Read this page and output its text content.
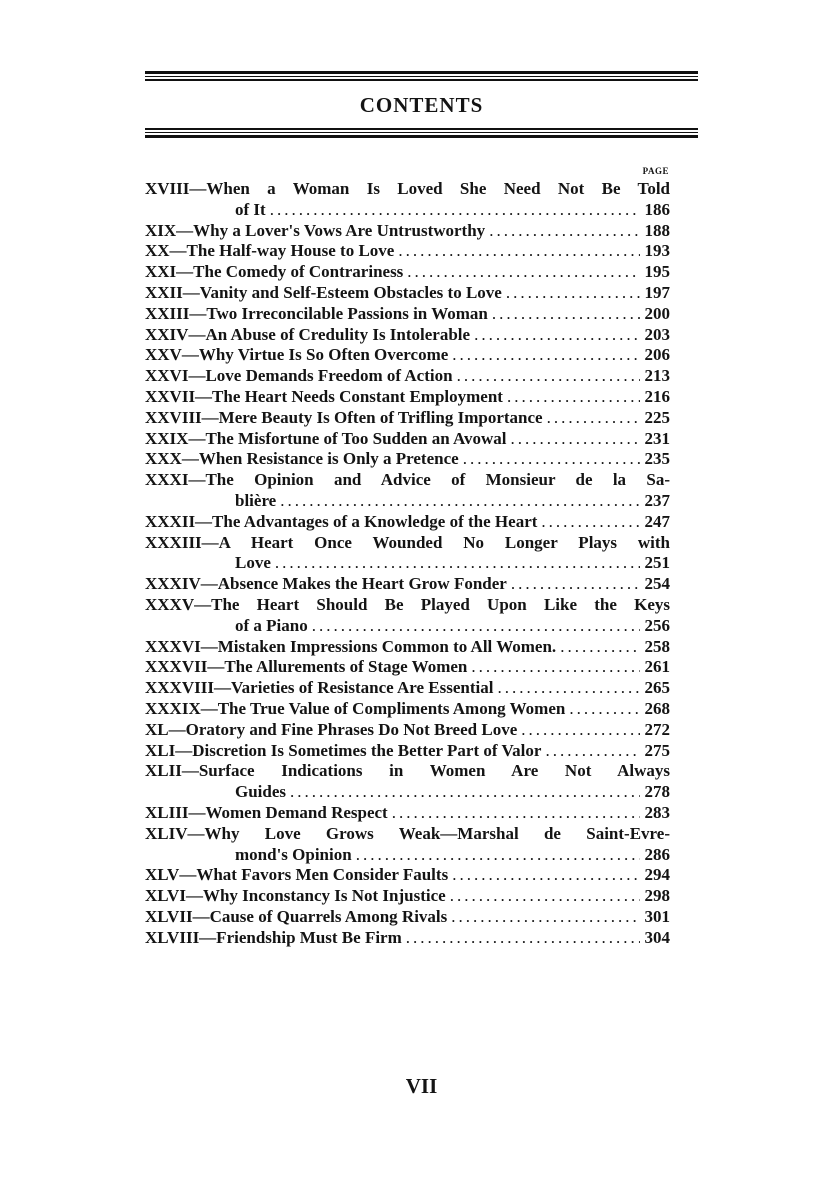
CONTENTS
PAGE
XVIII—When a Woman Is Loved She Need Not Be Told
of It .....	186
XIX—Why a Lover's Vows Are Untrustworthy .....	188
XX—The Half-way House to Love .....	193
XXI—The Comedy of Contrariness .....	195
XXII—Vanity and Self-Esteem Obstacles to Love .....	197
XXIII—Two Irreconcilable Passions in Woman .....	200
XXIV—An Abuse of Credulity Is Intolerable .....	203
XXV—Why Virtue Is So Often Overcome .....	206
XXVI—Love Demands Freedom of Action .....	213
XXVII—The Heart Needs Constant Employment .....	216
XXVIII—Mere Beauty Is Often of Trifling Importance .....	225
XXIX—The Misfortune of Too Sudden an Avowal .....	231
XXX—When Resistance is Only a Pretence .....	235
XXXI—The Opinion and Advice of Monsieur de la Sa-
blière .....	237
XXXII—The Advantages of a Knowledge of the Heart .....	247
XXXIII—A Heart Once Wounded No Longer Plays with
Love .....	251
XXXIV—Absence Makes the Heart Grow Fonder .....	254
XXXV—The Heart Should Be Played Upon Like the Keys
of a Piano .....	256
XXXVI—Mistaken Impressions Common to All Women. .....	258
XXXVII—The Allurements of Stage Women .....	261
XXXVIII—Varieties of Resistance Are Essential .....	265
XXXIX—The True Value of Compliments Among Women .....	268
XL—Oratory and Fine Phrases Do Not Breed Love .....	272
XLI—Discretion Is Sometimes the Better Part of Valor .....	275
XLII—Surface Indications in Women Are Not Always
Guides .....	278
XLIII—Women Demand Respect .....	283
XLIV—Why Love Grows Weak—Marshal de Saint-Evre-
mond's Opinion .....	286
XLV—What Favors Men Consider Faults .....	294
XLVI—Why Inconstancy Is Not Injustice .....	298
XLVII—Cause of Quarrels Among Rivals .....	301
XLVIII—Friendship Must Be Firm .....	304
VII
